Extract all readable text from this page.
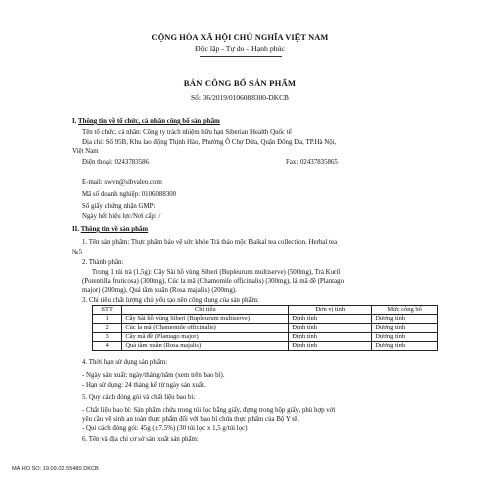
CỘNG HÒA XÃ HỘI CHỦ NGHĨA VIỆT NAM
Độc lập - Tự do - Hạnh phúc
BẢN CÔNG BỐ SẢN PHẨM
Số: 36/2019/0106088300-DKCB
I. Thông tin về tổ chức, cá nhân công bố sản phẩm
Tên tổ chức, cá nhân: Công ty trách nhiệm hữu hạn Siberian Health Quốc tế
Địa chỉ: Số 95B, Khu lao động Thịnh Hào, Phường Ô Chợ Dừa, Quận Đống Đa, TP.Hà Nội,
Việt Nam
Điện thoại: 0243783586	Fax: 02437835865
E-mail: swvn@sibvaleo.com
Mã số doanh nghiệp: 0106088300
Số giấy chứng nhận GMP:
Ngày hết hiệu lực/Nơi cấp: /
II. Thông tin về sản phẩm
1. Tên sản phẩm: Thực phẩm bảo vệ sức khỏe Trà thảo mộc Baikal tea collection. Herbal tea
№5
2. Thành phần:
Trong 1 túi trà (1,5g): Cây Sài hồ vùng Siberi (Bupleurum multiserve) (500mg), Trà Kuril
(Potentilla fruticosa) (300mg), Cúc la mã (Chamomile officinalis) (300mg), lá mã đề (Plantago
major) (200mg), Quả tầm xuân (Rosa majalis) (200mg).
3. Chỉ tiêu chất lượng chủ yếu tạo nên công dụng của sản phẩm:
STT	Chỉ tiêu	Đơn vị tính	Mức công bố
1	Cây Sài hồ vùng Siberi (Bupleurum multiserve)	Định tính	Dương tính
2	Cúc la mã (Chamomile officinalis)	Định tính	Dương tính
3	Cây mã đề (Plantago major)	Định tính	Dương tính
4	Quả tầm xuân (Rosa majalis)	Định tính	Dương tính
4. Thời hạn sử dụng sản phẩm:
- Ngày sản xuất: ngày/tháng/năm (xem trên bao bì).
- Hạn sử dụng: 24 tháng kể từ ngày sản xuất.
5. Quy cách đóng gói và chất liệu bao bì:
- Chất liệu bao bì: Sản phẩm chứa trong túi lọc bằng giấy, đựng trong hộp giấy, phù hợp với
yêu cầu vệ sinh an toàn thực phẩm đối với bao bì chứa thực phẩm của Bộ Y tế.
- Qui cách đóng gói: 45g (±7,5%) (30 túi lọc x 1,5 g/túi lọc)
6. Tên và địa chỉ cơ sở sản xuất sản phẩm:
MA HO SO: 19.09.02.55480.DKCB
